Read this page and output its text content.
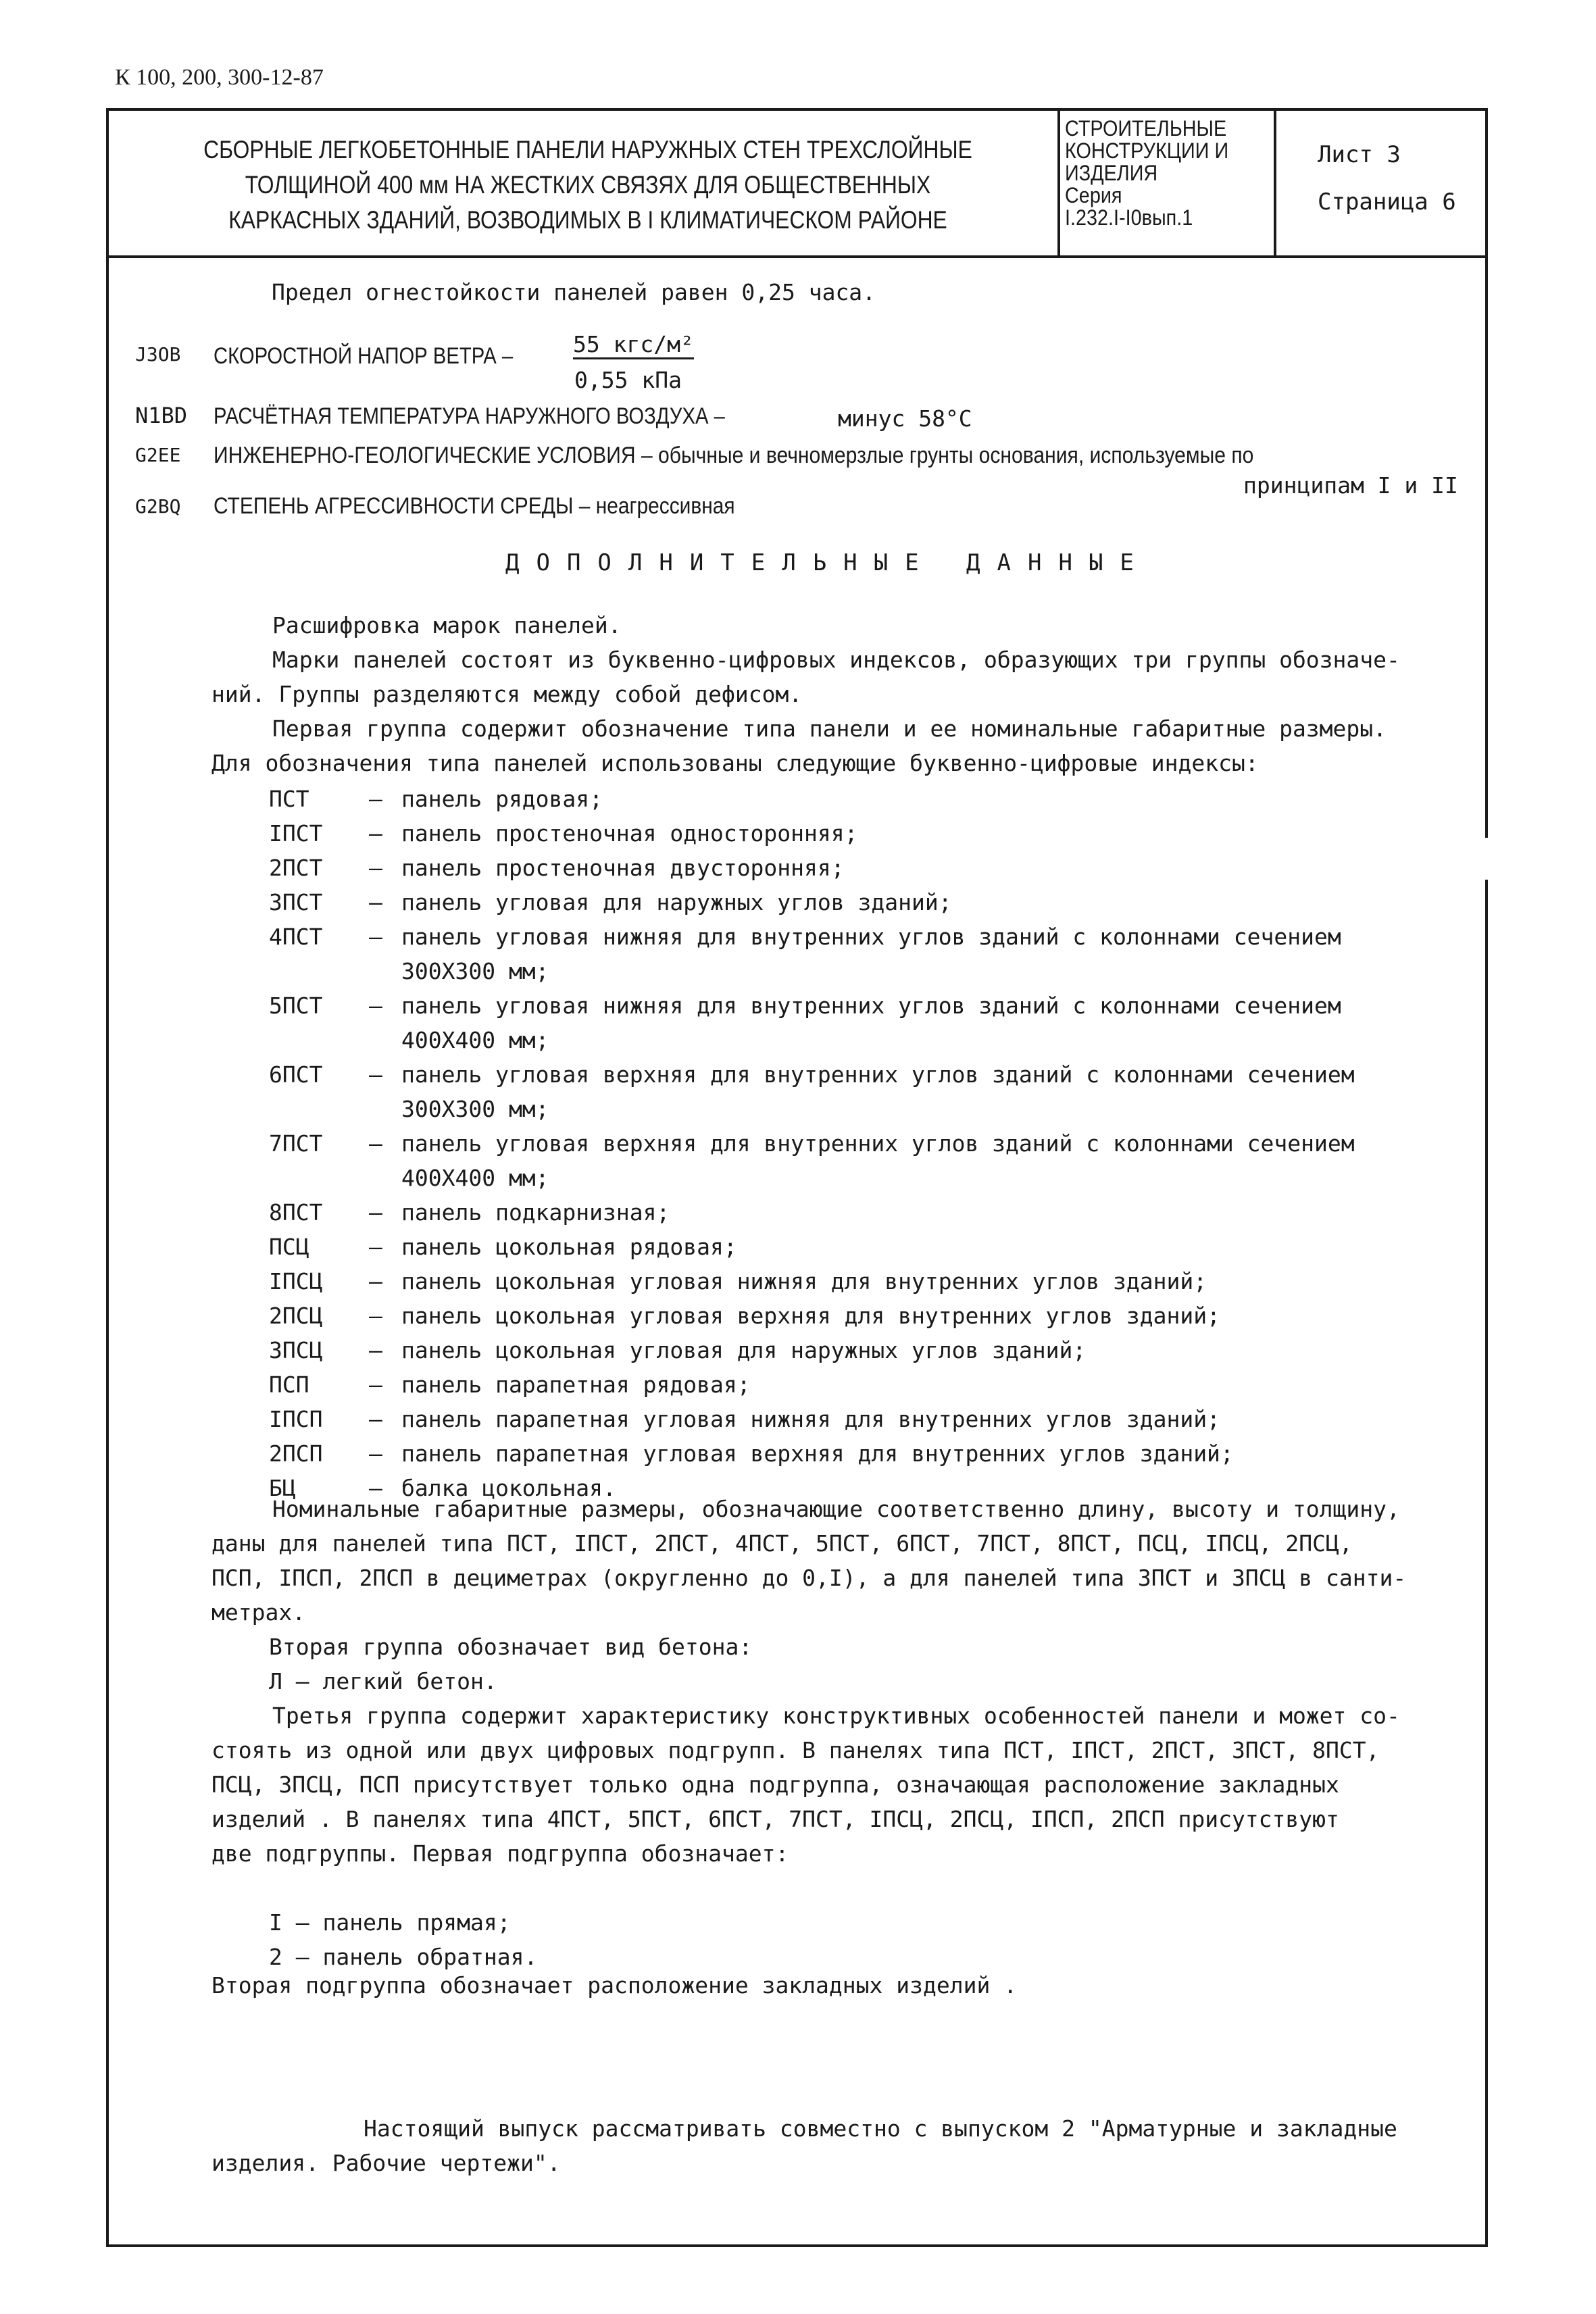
К 100, 200, 300-12-87
СБОРНЫЕ ЛЕГКОБЕТОННЫЕ ПАНЕЛИ НАРУЖНЫХ СТЕН ТРЕХСЛОЙНЫЕ
ТОЛЩИНОЙ 400 мм НА ЖЕСТКИХ СВЯЗЯХ ДЛЯ ОБЩЕСТВЕННЫХ
КАРКАСНЫХ ЗДАНИЙ, ВОЗВОДИМЫХ В I КЛИМАТИЧЕСКОМ РАЙОНЕ
СТРОИТЕЛЬНЫЕ
КОНСТРУКЦИИ И
ИЗДЕЛИЯ
Серия
I.232.I-I0вып.1
Лист 3
Страница 6
Предел огнестойкости панелей равен 0,25 часа.
J3OB СКОРОСТНОЙ НАПОР ВЕТРА –	55 кгс/м²
0,55 кПа
N1BD РАСЧЁТНАЯ ТЕМПЕРАТУРА НАРУЖНОГО ВОЗДУХА –	минус 58°С
G2EE ИНЖЕНЕРНО-ГЕОЛОГИЧЕСКИЕ УСЛОВИЯ – обычные и вечномерзлые грунты основания, используемые по
принципам I и II
G2BQ СТЕПЕНЬ АГРЕССИВНОСТИ СРЕДЫ – неагрессивная
ДОПОЛНИТЕЛЬНЫЕ ДАННЫЕ
Расшифровка марок панелей.
Марки панелей состоят из буквенно-цифровых индексов, образующих три группы обозначе-
ний. Группы разделяются между собой дефисом.
Первая группа содержит обозначение типа панели и ее номинальные габаритные размеры.
Для обозначения типа панелей использованы следующие буквенно-цифровые индексы:
ПСТ	– панель рядовая;
IПСТ	– панель простеночная односторонняя;
2ПСТ	– панель простеночная двусторонняя;
3ПСТ	– панель угловая для наружных углов зданий;
4ПСТ	– панель угловая нижняя для внутренних углов зданий с колоннами сечением
300Х300 мм;
5ПСТ	– панель угловая нижняя для внутренних углов зданий с колоннами сечением
400Х400 мм;
6ПСТ	– панель угловая верхняя для внутренних углов зданий с колоннами сечением
300Х300 мм;
7ПСТ	– панель угловая верхняя для внутренних углов зданий с колоннами сечением
400Х400 мм;
8ПСТ	– панель подкарнизная;
ПСЦ	– панель цокольная рядовая;
IПСЦ	– панель цокольная угловая нижняя для внутренних углов зданий;
2ПСЦ	– панель цокольная угловая верхняя для внутренних углов зданий;
3ПСЦ	– панель цокольная угловая для наружных углов зданий;
ПСП	– панель парапетная рядовая;
IПСП	– панель парапетная угловая нижняя для внутренних углов зданий;
2ПСП	– панель парапетная угловая верхняя для внутренних углов зданий;
БЦ	– балка цокольная.
Номинальные габаритные размеры, обозначающие соответственно длину, высоту и толщину,
даны для панелей типа ПСТ, IПСТ, 2ПСТ, 4ПСТ, 5ПСТ, 6ПСТ, 7ПСТ, 8ПСТ, ПСЦ, IПСЦ, 2ПСЦ,
ПСП, IПСП, 2ПСП в дециметрах (округленно до 0,I), а для панелей типа 3ПСТ и 3ПСЦ в санти-
метрах.
Вторая группа обозначает вид бетона:
Л – легкий бетон.
Третья группа содержит характеристику конструктивных особенностей панели и может со-
стоять из одной или двух цифровых подгрупп. В панелях типа ПСТ, IПСТ, 2ПСТ, 3ПСТ, 8ПСТ,
ПСЦ, 3ПСЦ, ПСП присутствует только одна подгруппа, означающая расположение закладных
изделий . В панелях типа 4ПСТ, 5ПСТ, 6ПСТ, 7ПСТ, IПСЦ, 2ПСЦ, IПСП, 2ПСП присутствуют
две подгруппы. Первая подгруппа обозначает:
I – панель прямая;
2 – панель обратная.
Вторая подгруппа обозначает расположение закладных изделий .
Настоящий выпуск рассматривать совместно с выпуском 2 "Арматурные и закладные
изделия. Рабочие чертежи".
